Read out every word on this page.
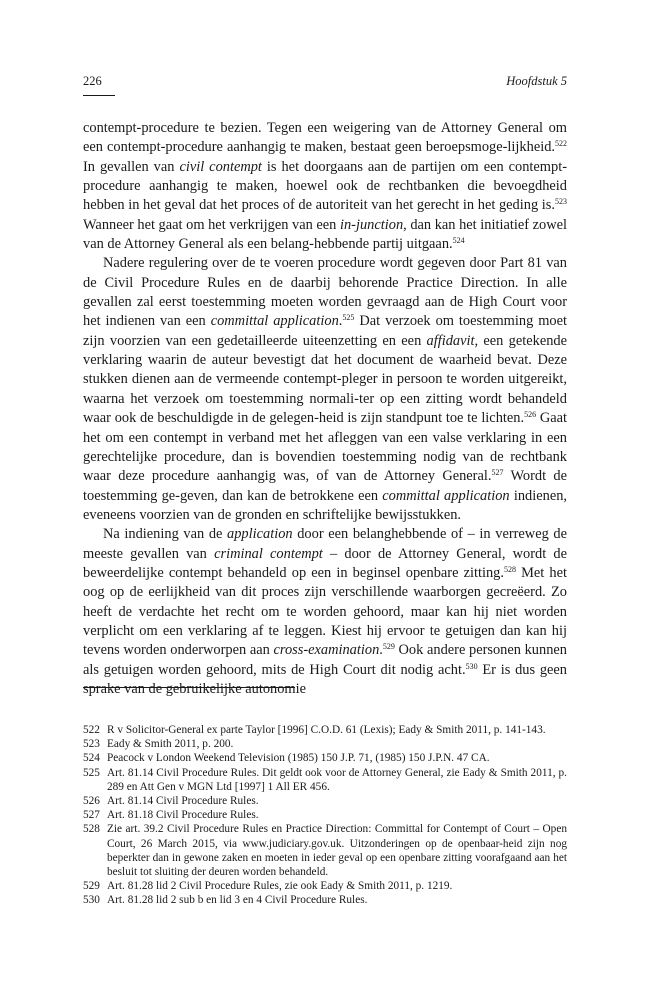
226	Hoofdstuk 5

contempt-procedure te bezien. Tegen een weigering van de Attorney General om een contempt-procedure aanhangig te maken, bestaat geen beroepsmoge-lijkheid.$^{522}$ In gevallen van civil contempt is het doorgaans aan de partijen om een contempt-procedure aanhangig te maken, hoewel ook de rechtbanken die bevoegdheid hebben in het geval dat het proces of de autoriteit van het gerecht in het geding is.$^{523}$ Wanneer het gaat om het verkrijgen van een in-junction, dan kan het initiatief zowel van de Attorney General als een belang-hebbende partij uitgaan.$^{524}$

Nadere regulering over de te voeren procedure wordt gegeven door Part 81 van de Civil Procedure Rules en de daarbij behorende Practice Direction. In alle gevallen zal eerst toestemming moeten worden gevraagd aan de High Court voor het indienen van een committal application.$^{525}$ Dat verzoek om toestemming moet zijn voorzien van een gedetailleerde uiteenzetting en een affidavit, een getekende verklaring waarin de auteur bevestigt dat het document de waarheid bevat. Deze stukken dienen aan de vermeende contempt-pleger in persoon te worden uitgereikt, waarna het verzoek om toestemming normali-ter op een zitting wordt behandeld waar ook de beschuldigde in de gelegen-heid is zijn standpunt toe te lichten.$^{526}$ Gaat het om een contempt in verband met het afleggen van een valse verklaring in een gerechtelijke procedure, dan is bovendien toestemming nodig van de rechtbank waar deze procedure aanhangig was, of van de Attorney General.$^{527}$ Wordt de toestemming ge-geven, dan kan de betrokkene een committal application indienen, eveneens voorzien van de gronden en schriftelijke bewijsstukken.

Na indiening van de application door een belanghebbende of – in verreweg de meeste gevallen van criminal contempt – door de Attorney General, wordt de beweerdelijke contempt behandeld op een in beginsel openbare zitting.$^{528}$ Met het oog op de eerlijkheid van dit proces zijn verschillende waarborgen gecreëerd. Zo heeft de verdachte het recht om te worden gehoord, maar kan hij niet worden verplicht om een verklaring af te leggen. Kiest hij ervoor te getuigen dan kan hij tevens worden onderworpen aan cross-examination.$^{529}$ Ook andere personen kunnen als getuigen worden gehoord, mits de High Court dit nodig acht.$^{530}$ Er is dus geen sprake van de gebruikelijke autonomie

522 R v Solicitor-General ex parte Taylor [1996] C.O.D. 61 (Lexis); Eady & Smith 2011, p. 141-143.
523 Eady & Smith 2011, p. 200.
524 Peacock v London Weekend Television (1985) 150 J.P. 71, (1985) 150 J.P.N. 47 CA.
525 Art. 81.14 Civil Procedure Rules. Dit geldt ook voor de Attorney General, zie Eady & Smith 2011, p. 289 en Att Gen v MGN Ltd [1997] 1 All ER 456.
526 Art. 81.14 Civil Procedure Rules.
527 Art. 81.18 Civil Procedure Rules.
528 Zie art. 39.2 Civil Procedure Rules en Practice Direction: Committal for Contempt of Court – Open Court, 26 March 2015, via www.judiciary.gov.uk. Uitzonderingen op de openbaar-heid zijn nog beperkter dan in gewone zaken en moeten in ieder geval op een openbare zitting voorafgaand aan het besluit tot sluiting der deuren worden behandeld.
529 Art. 81.28 lid 2 Civil Procedure Rules, zie ook Eady & Smith 2011, p. 1219.
530 Art. 81.28 lid 2 sub b en lid 3 en 4 Civil Procedure Rules.
